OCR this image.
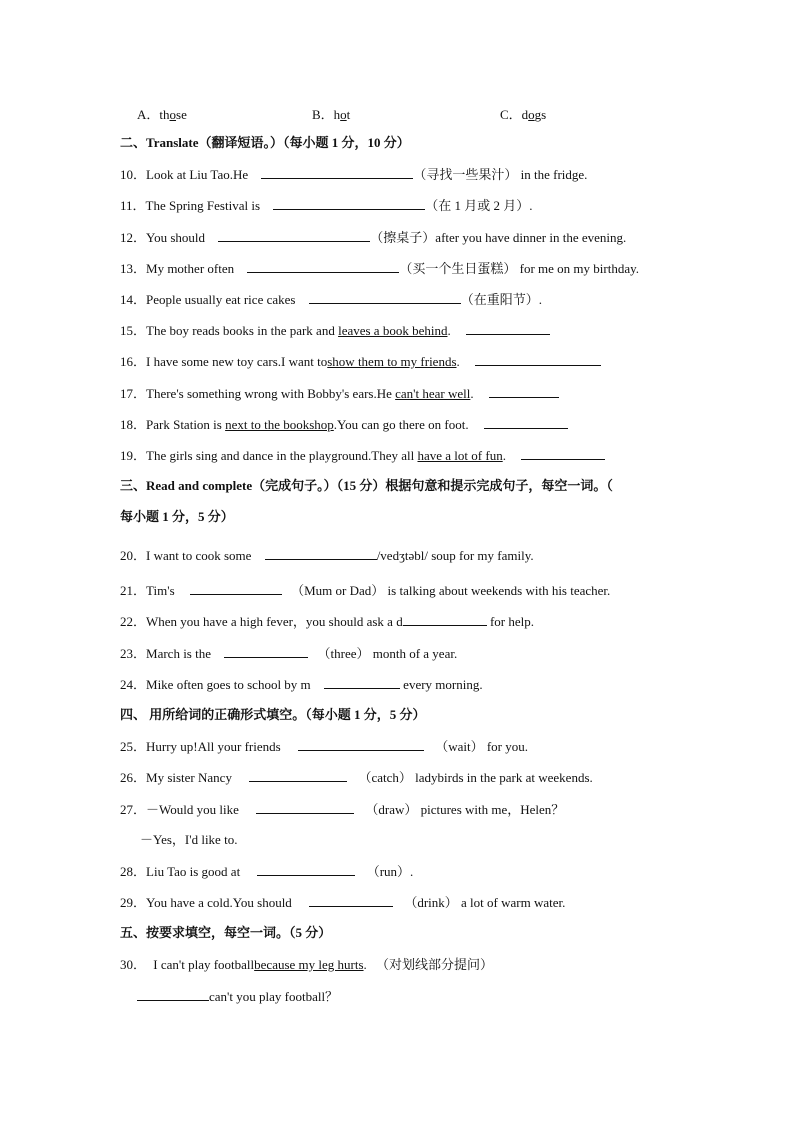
A．those	B．hot	C．dogs
二、Translate（翻译短语。）（每小题 1 分，10 分）
10．Look at Liu Tao.He	（寻找一些果汁） in the fridge.
11．The Spring Festival is	（在 1 月或 2 月）.
12．You should	（擦桌子）after you have dinner in the evening.
13．My mother often	（买一个生日蛋糕） for me on my birthday.
14．People usually eat rice cakes	（在重阳节）.
15．The boy reads books in the park and leaves a book behind.
16．I have some new toy cars.I want toshow them to my friends.
17．There's something wrong with Bobby's ears.He can't hear well.
18．Park Station is next to the bookshop.You can go there on foot.
19．The girls sing and dance in the playground.They all have a lot of fun.
三、Read and complete（完成句子。）（15 分）根据句意和提示完成句子，每空一词。（
每小题 1 分，5 分）
20．I want to cook some	/vedʒtəbl/ soup for my family.
21．Tim's	（Mum or Dad） is talking about weekends with his teacher.
22．When you have a high fever，you should ask a d	for help.
23．March is the	（three） month of a year.
24．Mike often goes to school by m	every morning.
四、 用所给词的正确形式填空。（每小题 1 分，5 分）
25．Hurry up!All your friends	（wait） for you.
26．My sister Nancy	（catch） ladybirds in the park at weekends.
27．－Would you like	（draw） pictures with me，Helen？
－Yes，I'd like to.
28．Liu Tao is good at	（run）.
29．You have a cold.You should	（drink） a lot of warm water.
五、按要求填空，每空一词。（5 分）
30． I can't play footballbecause my leg hurts. （对划线部分提问）
can't you play football？
